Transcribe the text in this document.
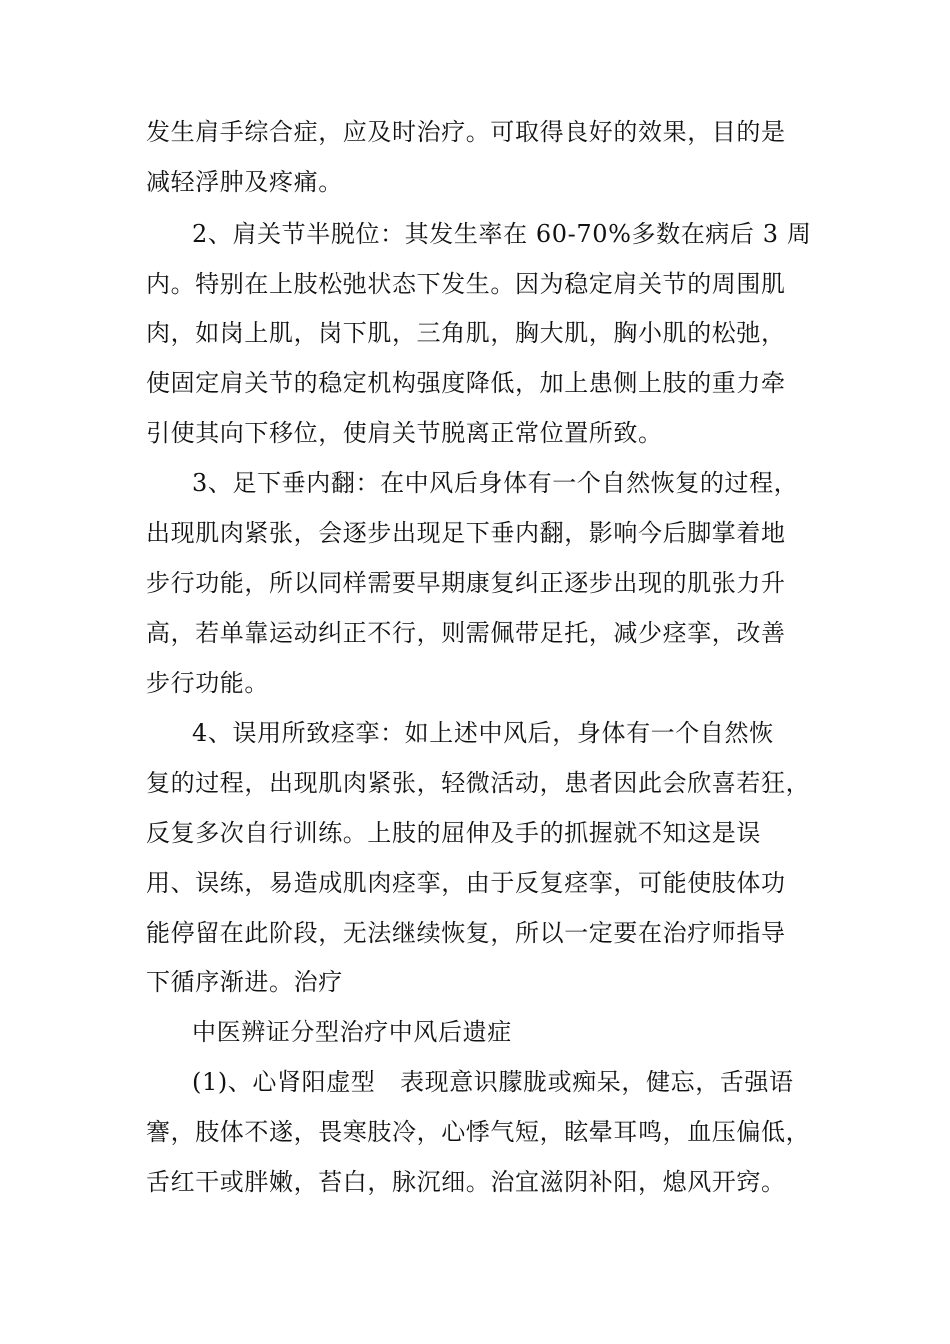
发生肩手综合症，应及时治疗。可取得良好的效果，目的是
减轻浮肿及疼痛。
2、肩关节半脱位：其发生率在 60-70%多数在病后 3 周
内。特别在上肢松弛状态下发生。因为稳定肩关节的周围肌
肉，如岗上肌，岗下肌，三角肌，胸大肌，胸小肌的松弛，
使固定肩关节的稳定机构强度降低，加上患侧上肢的重力牵
引使其向下移位，使肩关节脱离正常位置所致。
3、足下垂内翻：在中风后身体有一个自然恢复的过程，
出现肌肉紧张，会逐步出现足下垂内翻，影响今后脚掌着地
步行功能，所以同样需要早期康复纠正逐步出现的肌张力升
高，若单靠运动纠正不行，则需佩带足托，减少痉挛，改善
步行功能。
4、误用所致痉挛：如上述中风后，身体有一个自然恢
复的过程，出现肌肉紧张，轻微活动，患者因此会欣喜若狂，
反复多次自行训练。上肢的屈伸及手的抓握就不知这是误
用、误练，易造成肌肉痉挛，由于反复痉挛，可能使肢体功
能停留在此阶段，无法继续恢复，所以一定要在治疗师指导
下循序渐进。治疗
中医辨证分型治疗中风后遗症
(1)、心肾阳虚型　表现意识朦胧或痴呆，健忘，舌强语
謇，肢体不遂，畏寒肢冷，心悸气短，眩晕耳鸣，血压偏低，
舌红干或胖嫩，苔白，脉沉细。治宜滋阴补阳，熄风开窍。
